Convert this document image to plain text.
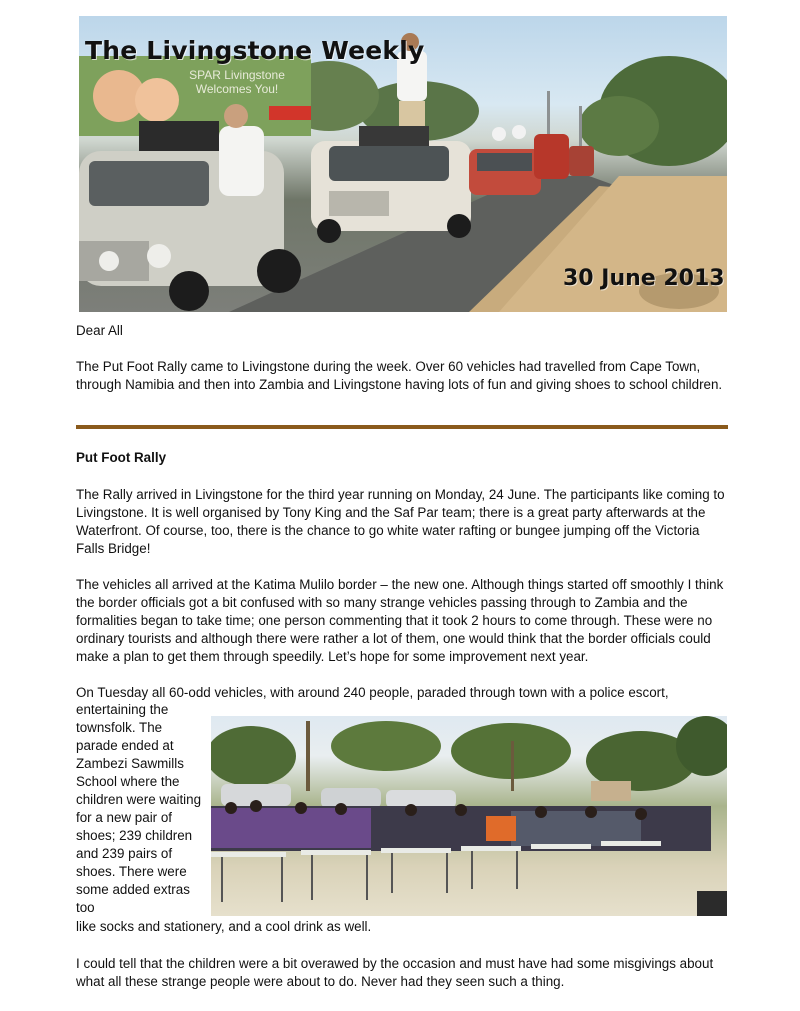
SPAR Livingstone Welcomes You!
The Livingstone Weekly
30 June 2013

Dear All

The Put Foot Rally came to Livingstone during the week. Over 60 vehicles had travelled from Cape Town, through Namibia and then into Zambia and Livingstone having lots of fun and giving shoes to school children.

Put Foot Rally

The Rally arrived in Livingstone for the third year running on Monday, 24 June. The participants like coming to Livingstone. It is well organised by Tony King and the Saf Par team; there is a great party afterwards at the Waterfront. Of course, too, there is the chance to go white water rafting or bungee jumping off the Victoria Falls Bridge!

The vehicles all arrived at the Katima Mulilo border – the new one. Although things started off smoothly I think the border officials got a bit confused with so many strange vehicles passing through to Zambia and the formalities began to take time; one person commenting that it took 2 hours to come through. These were no ordinary tourists and although there were rather a lot of them, one would think that the border officials could make a plan to get them through speedily. Let’s hope for some improvement next year.

On Tuesday all 60-odd vehicles, with around 240 people, paraded through town with a police escort,

entertaining the townsfolk. The parade ended at Zambezi Sawmills School where the children were waiting for a new pair of shoes; 239 children and 239 pairs of shoes. There were some added extras too

like socks and stationery, and a cool drink as well.

I could tell that the children were a bit overawed by the occasion and must have had some misgivings about what all these strange people were about to do. Never had they seen such a thing.
